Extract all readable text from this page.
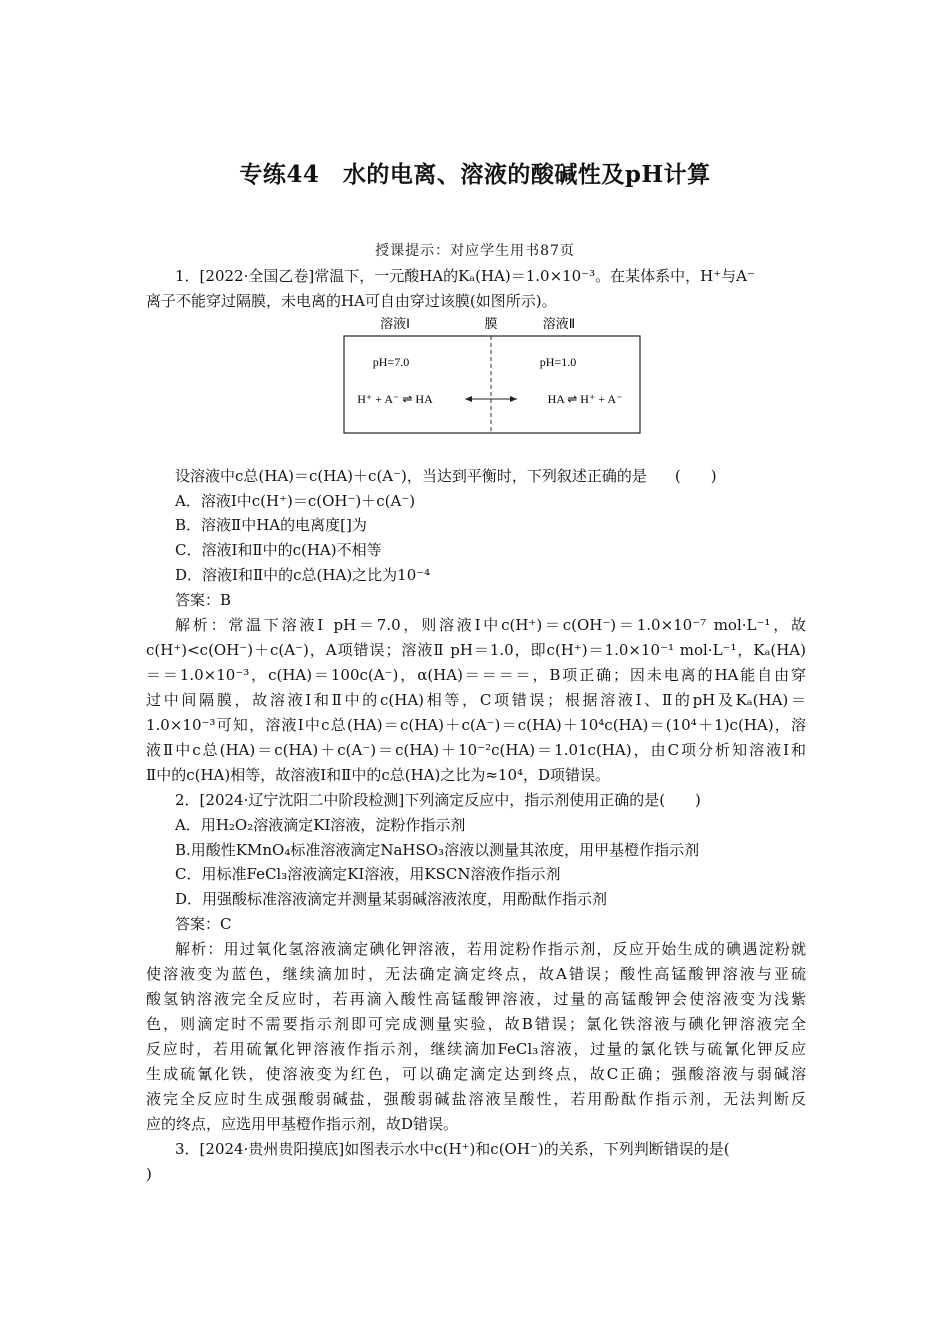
专练44　水的电离、溶液的酸碱性及pH计算
授课提示：对应学生用书87页
1．[2022·全国乙卷]常温下，一元酸HA的Kₐ(HA)＝1.0×10⁻³。在某体系中，H⁺与A⁻
离子不能穿过隔膜，未电离的HA可自由穿过该膜(如图所示)。
溶液Ⅰ	膜	溶液Ⅱ
pH=7.0	pH=1.0
H⁺ + A⁻ ⇌ HA	HA ⇌ H⁺ + A⁻
设溶液中c总(HA)＝c(HA)＋c(A⁻)，当达到平衡时，下列叙述正确的是 (　　)
A．溶液Ⅰ中c(H⁺)＝c(OH⁻)＋c(A⁻)
B．溶液Ⅱ中HA的电离度[]为
C．溶液Ⅰ和Ⅱ中的c(HA)不相等
D．溶液Ⅰ和Ⅱ中的c总(HA)之比为10⁻⁴
答案：B
解析：常温下溶液Ⅰ pH＝7.0，则溶液Ⅰ中c(H⁺)＝c(OH⁻)＝1.0×10⁻⁷ mol·L⁻¹，故
c(H⁺)<c(OH⁻)＋c(A⁻)，A项错误；溶液Ⅱ pH＝1.0，即c(H⁺)＝1.0×10⁻¹ mol·L⁻¹，Kₐ(HA)
＝＝1.0×10⁻³，c(HA)＝100c(A⁻)，α(HA)＝＝＝＝，B项正确；因未电离的HA能自由穿
过中间隔膜，故溶液Ⅰ和Ⅱ中的c(HA)相等，C项错误；根据溶液Ⅰ、Ⅱ的pH及Kₐ(HA)＝
1.0×10⁻³可知，溶液Ⅰ中c总(HA)＝c(HA)＋c(A⁻)＝c(HA)＋10⁴c(HA)＝(10⁴＋1)c(HA)，溶
液Ⅱ中c总(HA)＝c(HA)＋c(A⁻)＝c(HA)＋10⁻²c(HA)＝1.01c(HA)，由C项分析知溶液Ⅰ和
Ⅱ中的c(HA)相等，故溶液Ⅰ和Ⅱ中的c总(HA)之比为≈10⁴，D项错误。
2．[2024·辽宁沈阳二中阶段检测]下列滴定反应中，指示剂使用正确的是(　　)
A．用H₂O₂溶液滴定KI溶液，淀粉作指示剂
B.用酸性KMnO₄标准溶液滴定NaHSO₃溶液以测量其浓度，用甲基橙作指示剂
C．用标准FeCl₃溶液滴定KI溶液，用KSCN溶液作指示剂
D．用强酸标准溶液滴定并测量某弱碱溶液浓度，用酚酞作指示剂
答案：C
解析：用过氧化氢溶液滴定碘化钾溶液，若用淀粉作指示剂，反应开始生成的碘遇淀粉就
使溶液变为蓝色，继续滴加时，无法确定滴定终点，故A错误；酸性高锰酸钾溶液与亚硫
酸氢钠溶液完全反应时，若再滴入酸性高锰酸钾溶液，过量的高锰酸钾会使溶液变为浅紫
色，则滴定时不需要指示剂即可完成测量实验，故B错误；氯化铁溶液与碘化钾溶液完全
反应时，若用硫氰化钾溶液作指示剂，继续滴加FeCl₃溶液，过量的氯化铁与硫氰化钾反应
生成硫氰化铁，使溶液变为红色，可以确定滴定达到终点，故C正确；强酸溶液与弱碱溶
液完全反应时生成强酸弱碱盐，强酸弱碱盐溶液呈酸性，若用酚酞作指示剂，无法判断反
应的终点，应选用甲基橙作指示剂，故D错误。
3．[2024·贵州贵阳摸底]如图表示水中c(H⁺)和c(OH⁻)的关系，下列判断错误的是(
)
